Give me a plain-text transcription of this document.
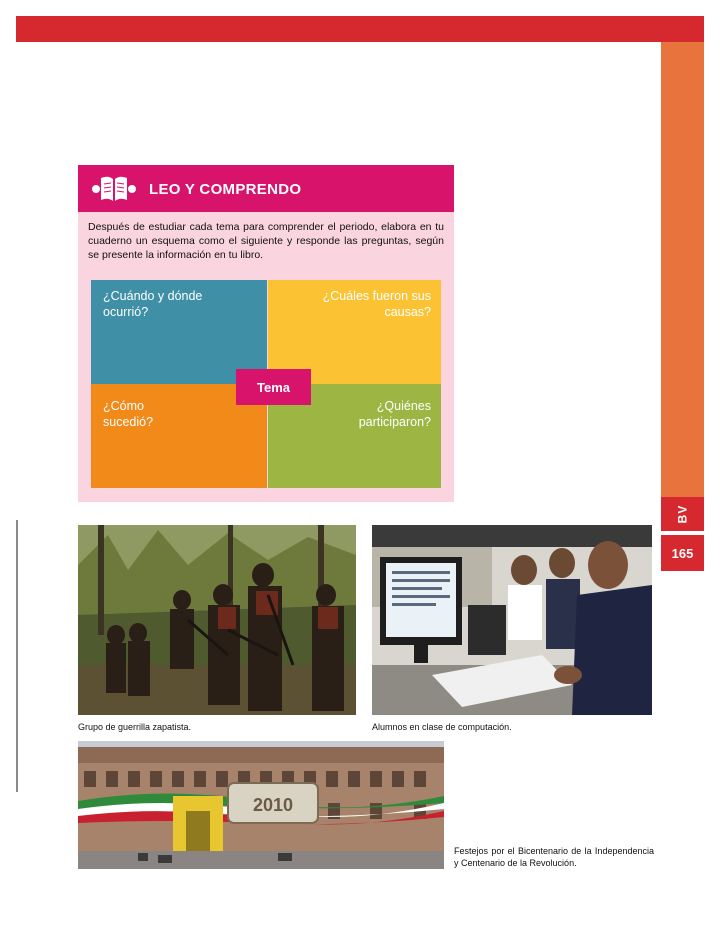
BV
165
LEO Y COMPRENDO
Después de estudiar cada tema para comprender el periodo, elabora en tu cuaderno un esquema como el siguiente y responde las preguntas, según se presente la información en tu libro.
¿Cuándo y dónde ocurrió?
¿Cuáles fueron sus causas?
¿Cómo sucedió?
¿Quiénes participaron?
Tema
Grupo de guerrilla zapatista.	Alumnos en clase de computación.
2010
Festejos por el Bicentenario de la Independencia y Centenario de la Revolución.
